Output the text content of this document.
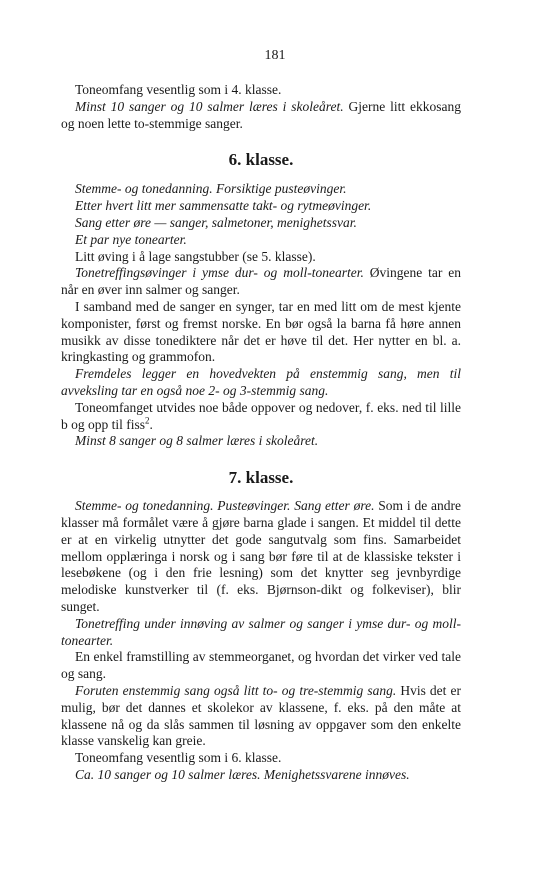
181

Toneomfang vesentlig som i 4. klasse.

Minst 10 sanger og 10 salmer læres i skoleåret. Gjerne litt ekkosang og noen lette to-stemmige sanger.

6. klasse.

Stemme- og tonedanning. Forsiktige pusteøvinger.

Etter hvert litt mer sammensatte takt- og rytmeøvinger.

Sang etter øre — sanger, salmetoner, menighetssvar.

Et par nye tonearter.

Litt øving i å lage sangstubber (se 5. klasse).

Tonetreffingsøvinger i ymse dur- og moll-tonearter. Øvingene tar en når en øver inn salmer og sanger.

I samband med de sanger en synger, tar en med litt om de mest kjente komponister, først og fremst norske. En bør også la barna få høre annen musikk av disse tonediktere når det er høve til det. Her nytter en bl. a. kringkasting og grammofon.

Fremdeles legger en hovedvekten på enstemmig sang, men til avveksling tar en også noe 2- og 3-stemmig sang.

Toneomfanget utvides noe både oppover og nedover, f. eks. ned til lille b og opp til fiss$^2$.

Minst 8 sanger og 8 salmer læres i skoleåret.

7. klasse.

Stemme- og tonedanning. Pusteøvinger. Sang etter øre. Som i de andre klasser må formålet være å gjøre barna glade i sangen. Et middel til dette er at en virkelig utnytter det gode sangutvalg som fins. Samarbeidet mellom opplæringa i norsk og i sang bør føre til at de klassiske tekster i lesebøkene (og i den frie lesning) som det knytter seg jevnbyrdige melodiske kunstverker til (f. eks. Bjørnson-dikt og folkeviser), blir sunget.

Tonetreffing under innøving av salmer og sanger i ymse dur- og moll-tonearter.

En enkel framstilling av stemmeorganet, og hvordan det virker ved tale og sang.

Foruten enstemmig sang også litt to- og tre-stemmig sang. Hvis det er mulig, bør det dannes et skolekor av klassene, f. eks. på den måte at klassene nå og da slås sammen til løsning av oppgaver som den enkelte klasse vanskelig kan greie.

Toneomfang vesentlig som i 6. klasse.

Ca. 10 sanger og 10 salmer læres. Menighetssvarene innøves.
